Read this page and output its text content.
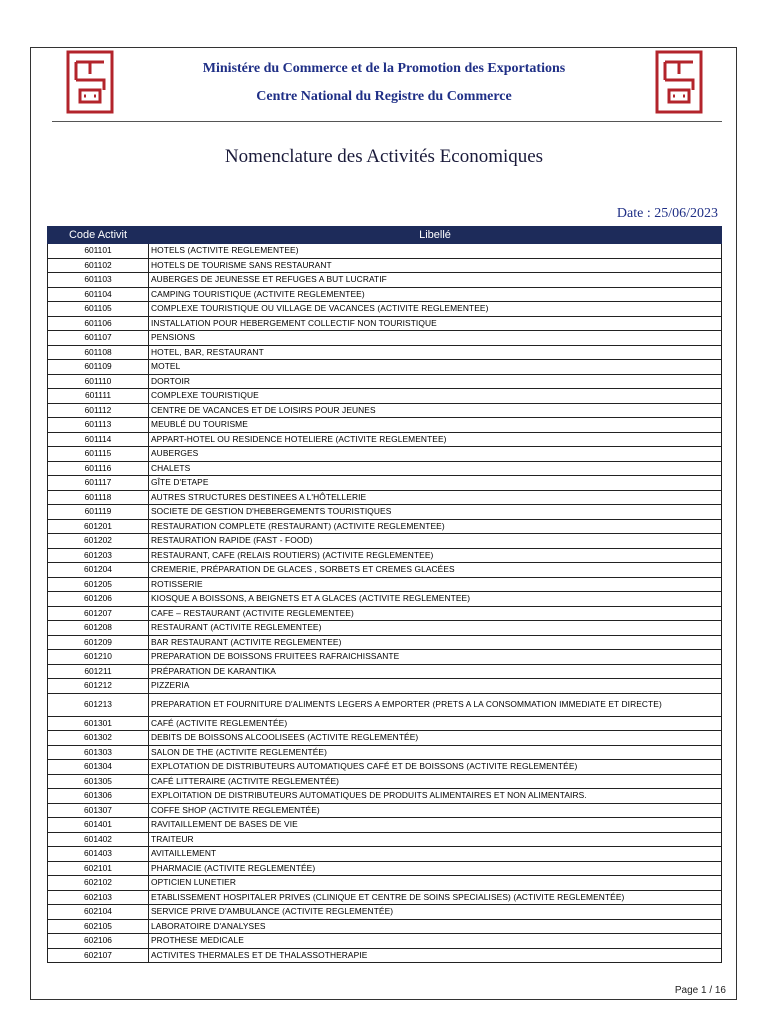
Ministére du Commerce et de la Promotion des Exportations
Centre National du Registre du Commerce
Nomenclature des Activités Economiques
Date : 25/06/2023
Code Activit	Libellé
601101	HOTELS (ACTIVITE REGLEMENTEE)
601102	HOTELS DE TOURISME SANS RESTAURANT
601103	AUBERGES DE JEUNESSE ET REFUGES A BUT LUCRATIF
601104	CAMPING TOURISTIQUE (ACTIVITE REGLEMENTEE)
601105	COMPLEXE TOURISTIQUE OU VILLAGE DE VACANCES (ACTIVITE REGLEMENTEE)
601106	INSTALLATION POUR HEBERGEMENT COLLECTIF NON TOURISTIQUE
601107	PENSIONS
601108	HOTEL, BAR, RESTAURANT
601109	MOTEL
601110	DORTOIR
601111	COMPLEXE TOURISTIQUE
601112	CENTRE DE VACANCES ET DE LOISIRS POUR JEUNES
601113	MEUBLÉ DU TOURISME
601114	APPART-HOTEL OU RESIDENCE HOTELIERE (ACTIVITE REGLEMENTEE)
601115	AUBERGES
601116	CHALETS
601117	GÎTE D'ETAPE
601118	AUTRES STRUCTURES DESTINEES A L'HÔTELLERIE
601119	SOCIETE DE GESTION D'HEBERGEMENTS TOURISTIQUES
601201	RESTAURATION COMPLETE (RESTAURANT) (ACTIVITE REGLEMENTEE)
601202	RESTAURATION RAPIDE (FAST - FOOD)
601203	RESTAURANT, CAFE (RELAIS ROUTIERS) (ACTIVITE REGLEMENTEE)
601204	CREMERIE, PRÉPARATION DE GLACES , SORBETS ET CREMES GLACÉES
601205	ROTISSERIE
601206	KIOSQUE A BOISSONS, A BEIGNETS ET A GLACES (ACTIVITE REGLEMENTEE)
601207	CAFE – RESTAURANT (ACTIVITE REGLEMENTEE)
601208	RESTAURANT (ACTIVITE REGLEMENTEE)
601209	BAR RESTAURANT (ACTIVITE REGLEMENTEE)
601210	PREPARATION DE BOISSONS FRUITEES RAFRAICHISSANTE
601211	PRÉPARATION DE KARANTIKA
601212	PIZZERIA
601213	PREPARATION ET FOURNITURE D'ALIMENTS LEGERS A EMPORTER (PRETS A LA CONSOMMATION IMMEDIATE ET DIRECTE)
601301	CAFÉ (ACTIVITE REGLEMENTÉE)
601302	DEBITS DE BOISSONS ALCOOLISEES (ACTIVITE REGLEMENTÉE)
601303	SALON DE THE (ACTIVITE REGLEMENTÉE)
601304	EXPLOTATION DE DISTRIBUTEURS AUTOMATIQUES CAFÉ ET DE BOISSONS (ACTIVITE REGLEMENTÉE)
601305	CAFÉ LITTERAIRE (ACTIVITE REGLEMENTÉE)
601306	EXPLOITATION DE DISTRIBUTEURS AUTOMATIQUES DE PRODUITS ALIMENTAIRES ET NON ALIMENTAIRS.
601307	COFFE SHOP (ACTIVITE REGLEMENTÉE)
601401	RAVITAILLEMENT DE BASES DE VIE
601402	TRAITEUR
601403	AVITAILLEMENT
602101	PHARMACIE (ACTIVITE REGLEMENTÉE)
602102	OPTICIEN LUNETIER
602103	ETABLISSEMENT HOSPITALER PRIVES (CLINIQUE ET CENTRE DE SOINS SPECIALISES) (ACTIVITE REGLEMENTÉE)
602104	SERVICE PRIVE D'AMBULANCE (ACTIVITE REGLEMENTÉE)
602105	LABORATOIRE D'ANALYSES
602106	PROTHESE MEDICALE
602107	ACTIVITES THERMALES ET DE THALASSOTHERAPIE
Page 1 / 16
